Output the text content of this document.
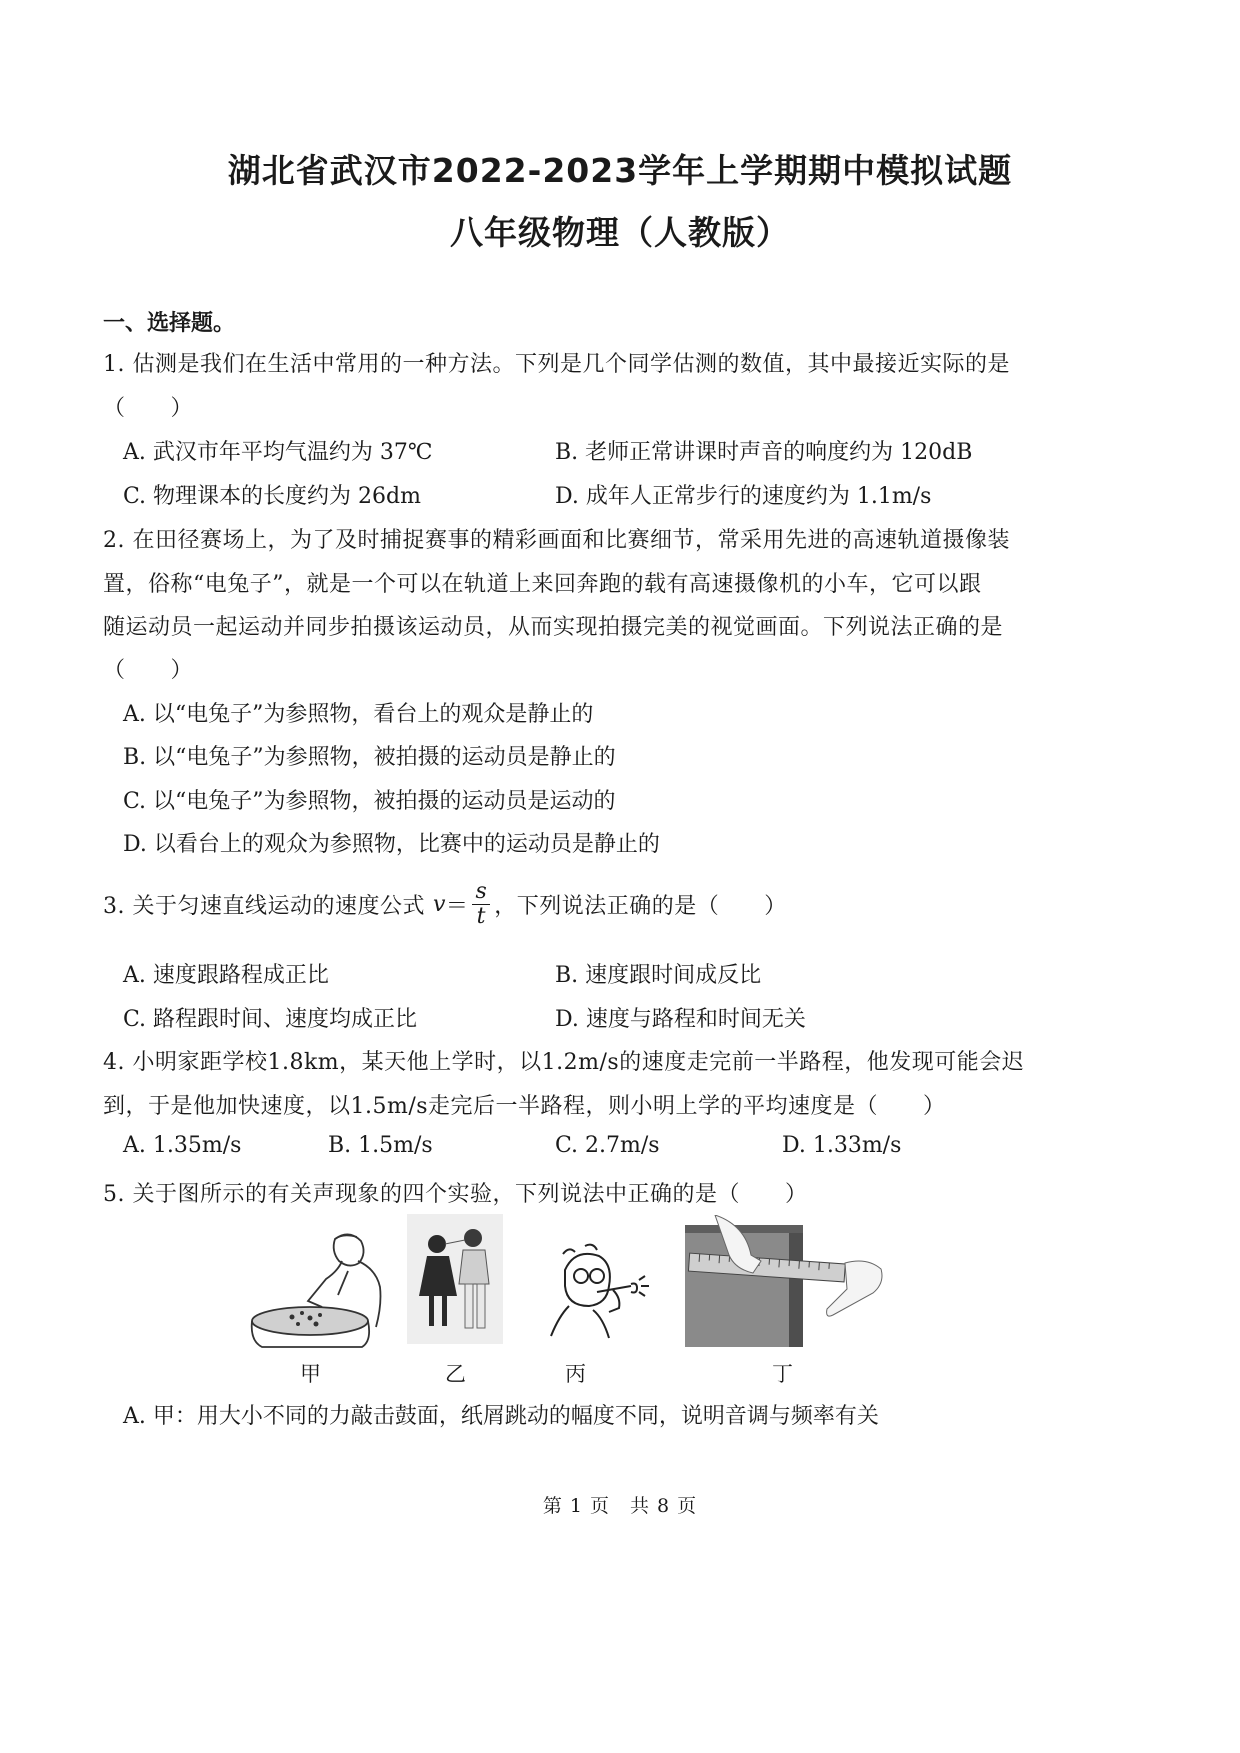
湖北省武汉市2022-2023学年上学期期中模拟试题
八年级物理（人教版）
一、选择题。
1. 估测是我们在生活中常用的一种方法。下列是几个同学估测的数值，其中最接近实际的是
（　　）
A. 武汉市年平均气温约为 37℃	B. 老师正常讲课时声音的响度约为 120dB
C. 物理课本的长度约为 26dm	D. 成年人正常步行的速度约为 1.1m/s
2. 在田径赛场上，为了及时捕捉赛事的精彩画面和比赛细节，常采用先进的高速轨道摄像装
置，俗称“电兔子”，就是一个可以在轨道上来回奔跑的载有高速摄像机的小车，它可以跟
随运动员一起运动并同步拍摄该运动员，从而实现拍摄完美的视觉画面。下列说法正确的是
（　　）
A. 以“电兔子”为参照物，看台上的观众是静止的
B. 以“电兔子”为参照物，被拍摄的运动员是静止的
C. 以“电兔子”为参照物，被拍摄的运动员是运动的
D. 以看台上的观众为参照物，比赛中的运动员是静止的
3. 关于匀速直线运动的速度公式 $v = \frac{s}{t}$ ，下列说法正确的是（　　）
A. 速度跟路程成正比	B. 速度跟时间成反比
C. 路程跟时间、速度均成正比	D. 速度与路程和时间无关
4. 小明家距学校1.8km，某天他上学时，以1.2m/s的速度走完前一半路程，他发现可能会迟
到，于是他加快速度，以1.5m/s走完后一半路程，则小明上学的平均速度是（　　）
A. 1.35m/s	B. 1.5m/s	C. 2.7m/s	D. 1.33m/s
5. 关于图所示的有关声现象的四个实验，下列说法中正确的是（　　）
甲	乙	丙	丁
A. 甲：用大小不同的力敲击鼓面，纸屑跳动的幅度不同，说明音调与频率有关
第 1 页　共 8 页
